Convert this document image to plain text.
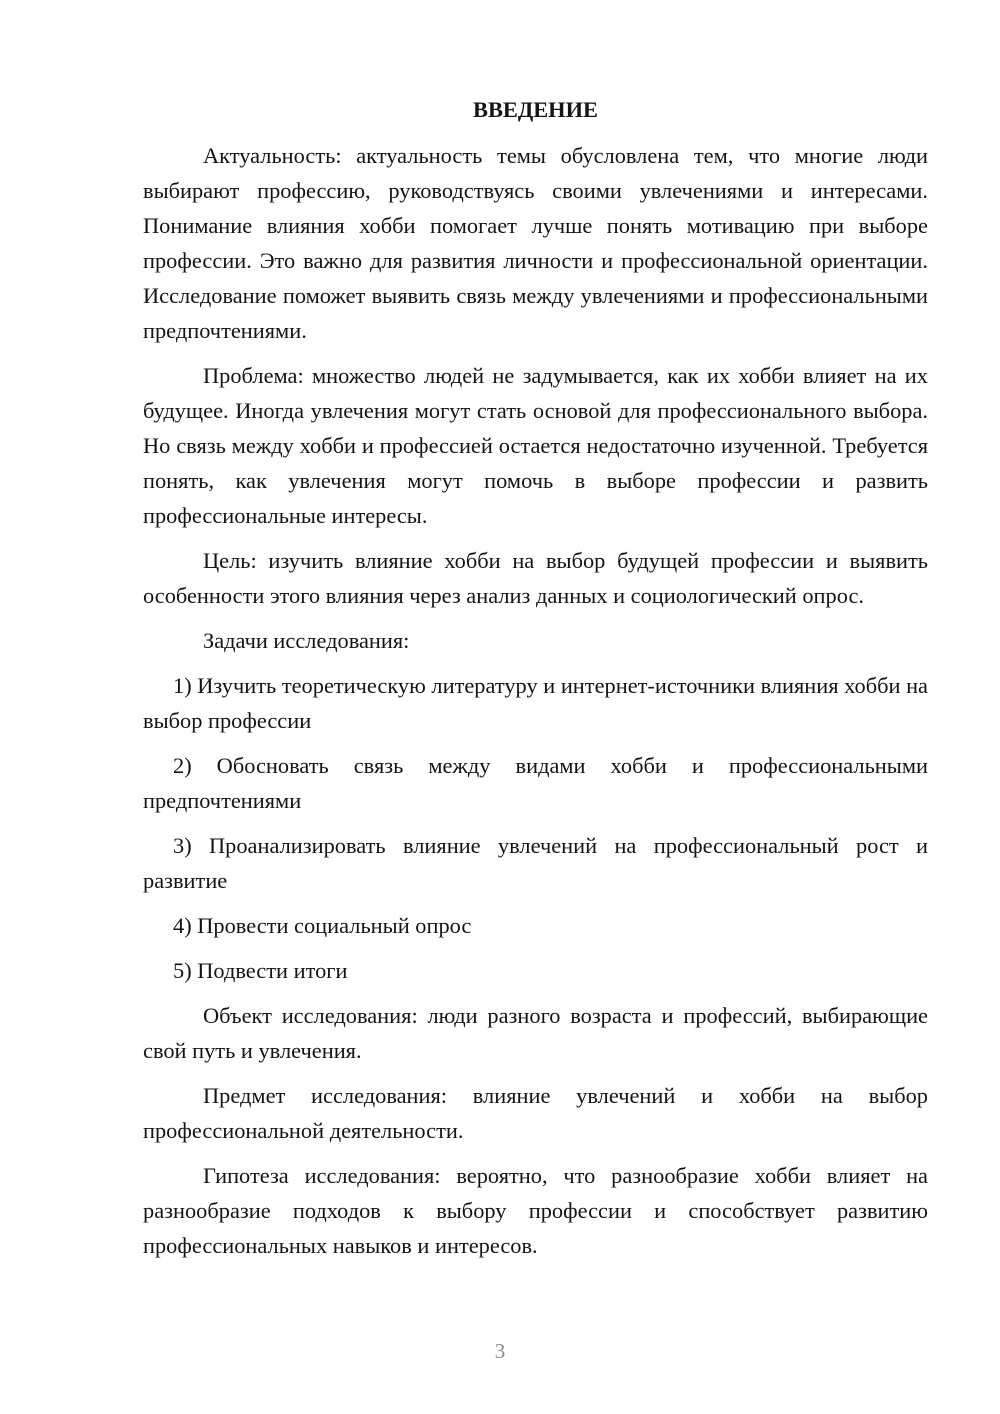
ВВЕДЕНИЕ

Актуальность: актуальность темы обусловлена тем, что многие люди выбирают профессию, руководствуясь своими увлечениями и интересами. Понимание влияния хобби помогает лучше понять мотивацию при выборе профессии. Это важно для развития личности и профессиональной ориентации. Исследование поможет выявить связь между увлечениями и профессиональными предпочтениями.

Проблема: множество людей не задумывается, как их хобби влияет на их будущее. Иногда увлечения могут стать основой для профессионального выбора. Но связь между хобби и профессией остается недостаточно изученной. Требуется понять, как увлечения могут помочь в выборе профессии и развить профессиональные интересы.

Цель: изучить влияние хобби на выбор будущей профессии и выявить особенности этого влияния через анализ данных и социологический опрос.

Задачи исследования:

1) Изучить теоретическую литературу и интернет-источники влияния хобби на выбор профессии

2) Обосновать связь между видами хобби и профессиональными предпочтениями

3) Проанализировать влияние увлечений на профессиональный рост и развитие

4) Провести социальный опрос

5) Подвести итоги

Объект исследования: люди разного возраста и профессий, выбирающие свой путь и увлечения.

Предмет исследования: влияние увлечений и хобби на выбор профессиональной деятельности.

Гипотеза исследования: вероятно, что разнообразие хобби влияет на разнообразие подходов к выбору профессии и способствует развитию профессиональных навыков и интересов.

3
